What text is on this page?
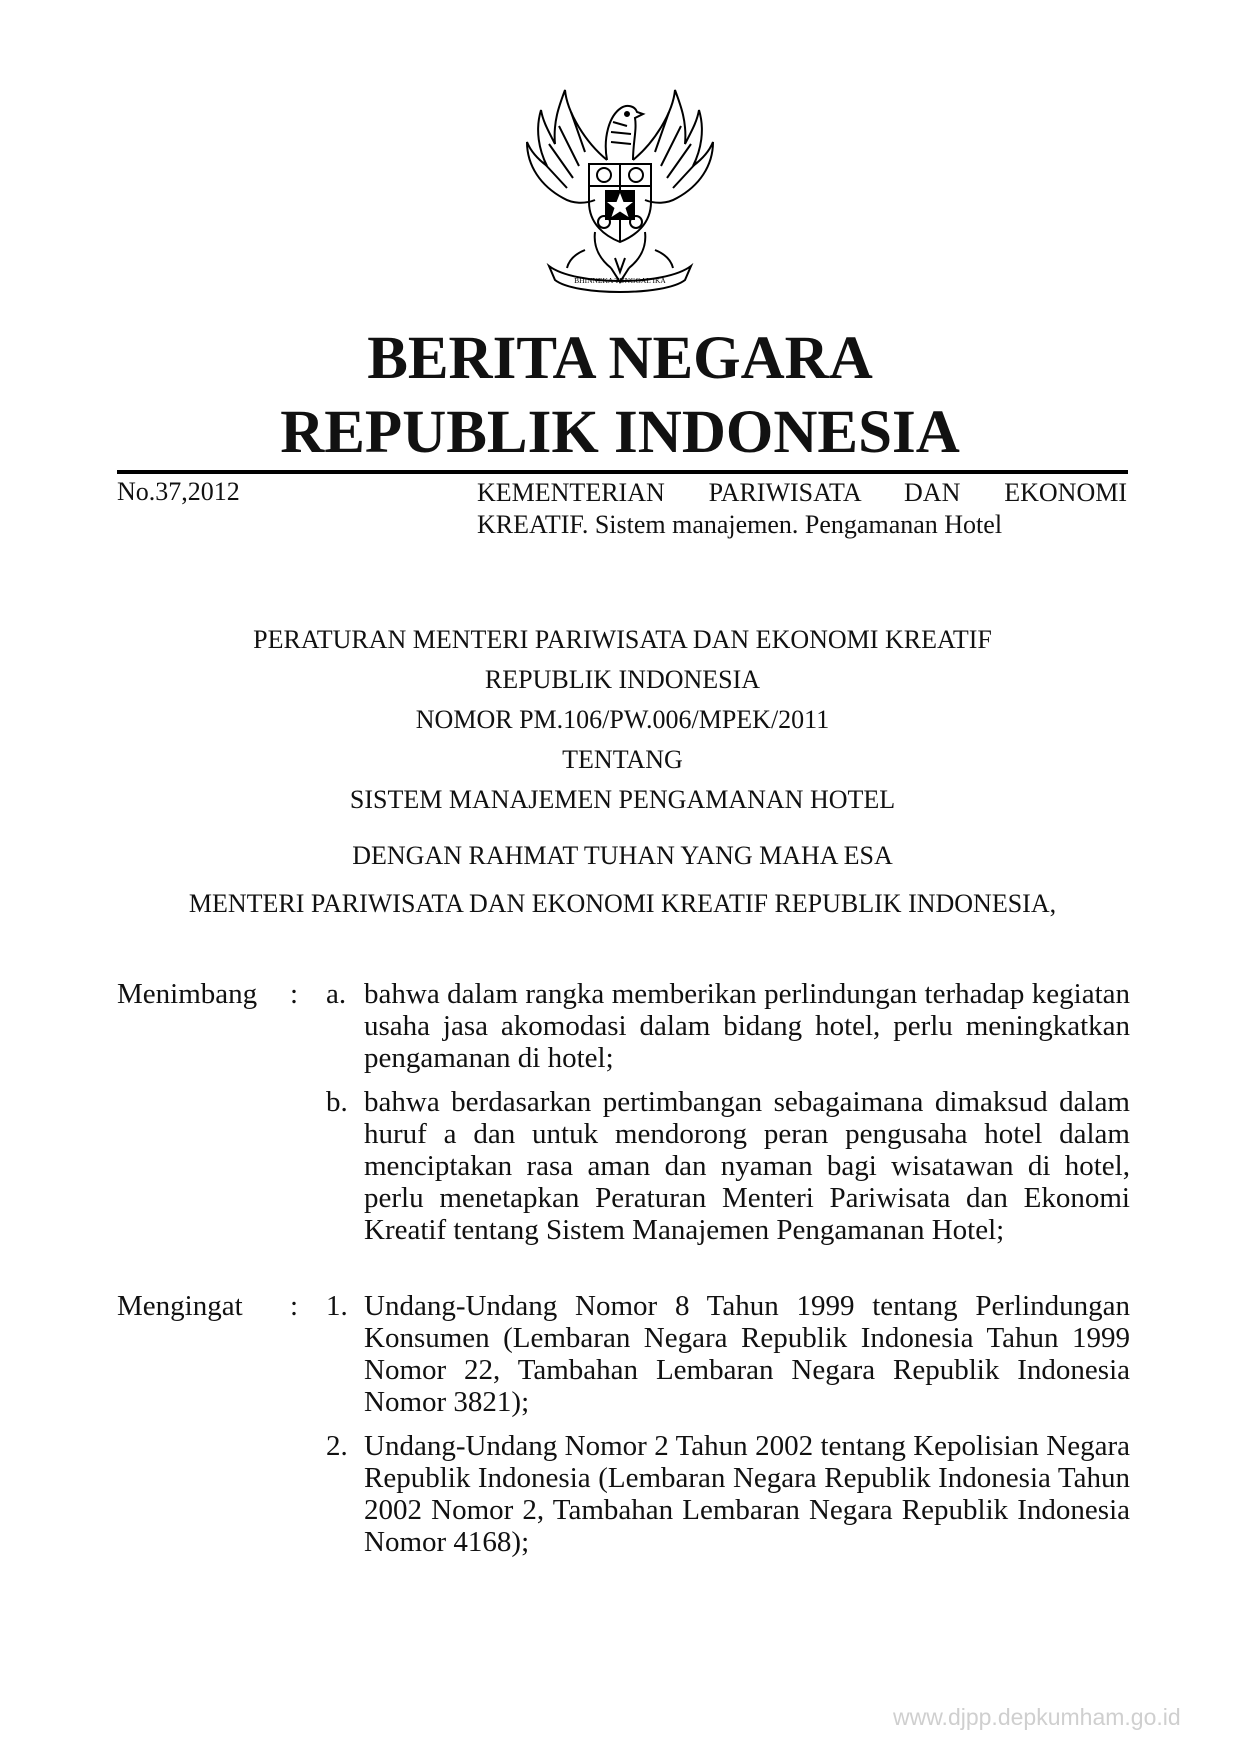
BHINNEKA TUNGGAL IKA
BERITA NEGARA
REPUBLIK INDONESIA
No.37,2012	KEMENTERIAN PARIWISATA DAN EKONOMI KREATIF. Sistem manajemen. Pengamanan Hotel
PERATURAN MENTERI PARIWISATA DAN EKONOMI KREATIF
REPUBLIK INDONESIA
NOMOR PM.106/PW.006/MPEK/2011
TENTANG
SISTEM MANAJEMEN PENGAMANAN HOTEL
DENGAN RAHMAT TUHAN YANG MAHA ESA
MENTERI PARIWISATA DAN EKONOMI KREATIF REPUBLIK INDONESIA,
Menimbang : a. bahwa dalam rangka memberikan perlindungan terhadap kegiatan usaha jasa akomodasi dalam bidang hotel, perlu meningkatkan pengamanan di hotel;
b. bahwa berdasarkan pertimbangan sebagaimana dimaksud dalam huruf a dan untuk mendorong peran pengusaha hotel dalam menciptakan rasa aman dan nyaman bagi wisatawan di hotel, perlu menetapkan Peraturan Menteri Pariwisata dan Ekonomi Kreatif tentang Sistem Manajemen Pengamanan Hotel;
Mengingat : 1. Undang-Undang Nomor 8 Tahun 1999 tentang Perlindungan Konsumen (Lembaran Negara Republik Indonesia Tahun 1999 Nomor 22, Tambahan Lembaran Negara Republik Indonesia Nomor 3821);
2. Undang-Undang Nomor 2 Tahun 2002 tentang Kepolisian Negara Republik Indonesia (Lembaran Negara Republik Indonesia Tahun 2002 Nomor 2, Tambahan Lembaran Negara Republik Indonesia Nomor 4168);
www.djpp.depkumham.go.id
